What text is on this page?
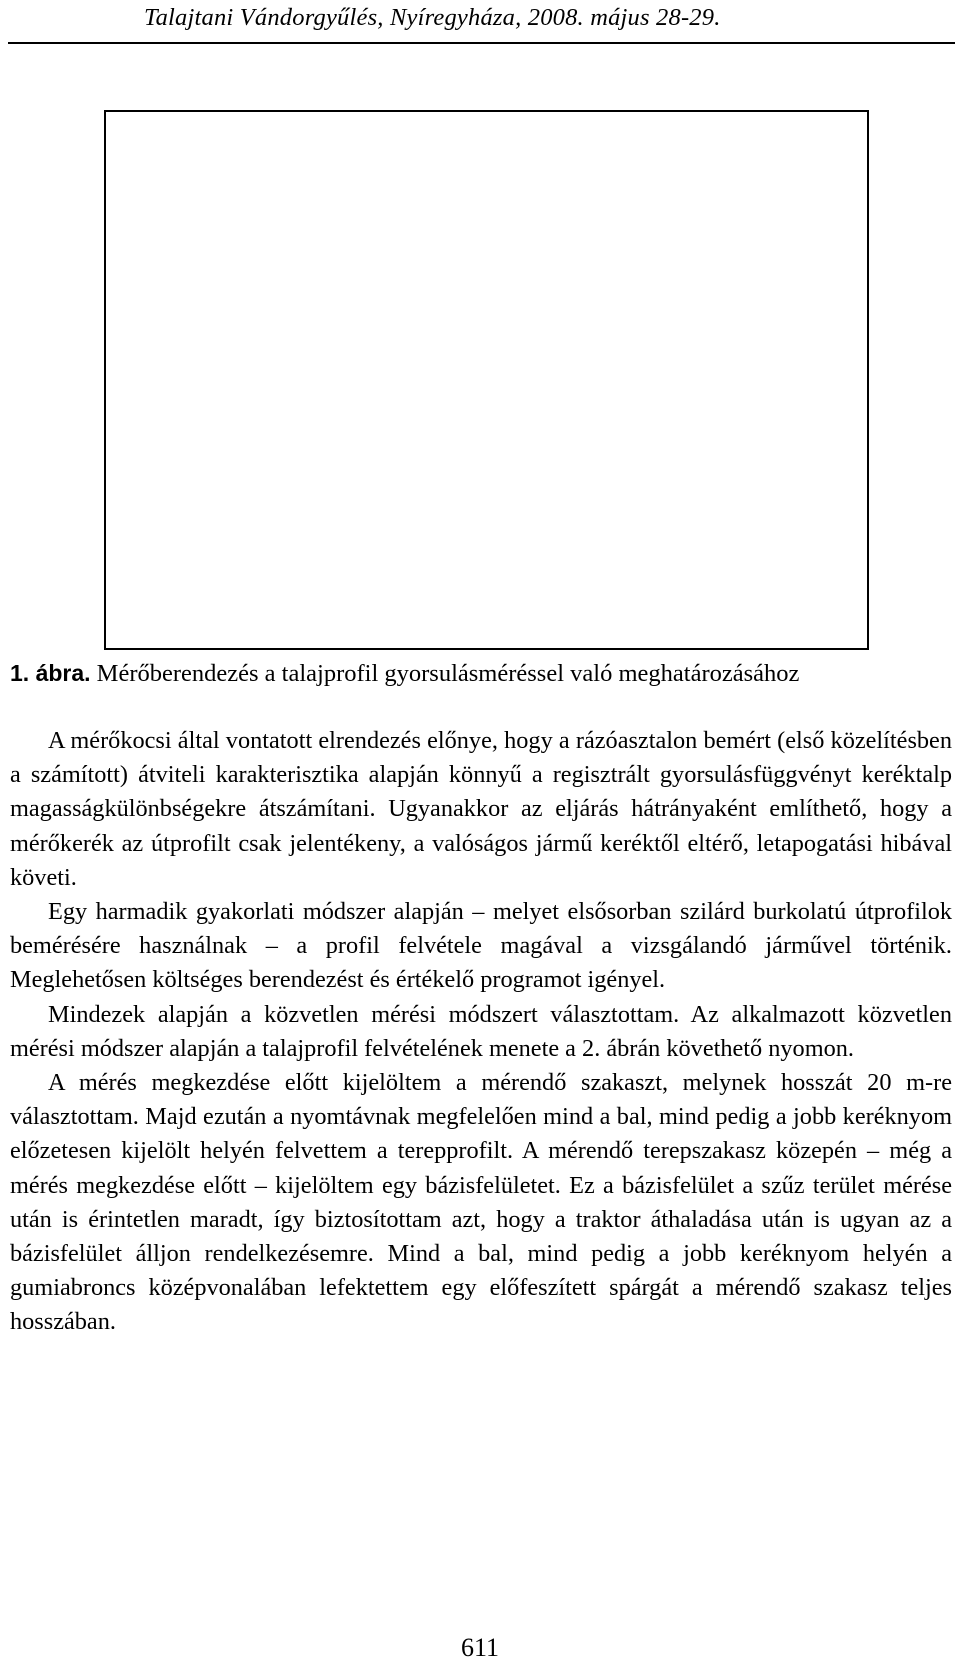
Talajtani Vándorgyűlés, Nyíregyháza, 2008. május 28-29.
1. ábra. Mérőberendezés a talajprofil gyorsulásméréssel való meghatározásához

A mérőkocsi által vontatott elrendezés előnye, hogy a rázóasztalon bemért (első közelítésben a számított) átviteli karakterisztika alapján könnyű a regisztrált gyorsulásfüggvényt keréktalp magasságkülönbségekre átszámítani. Ugyanakkor az eljárás hátrányaként említhető, hogy a mérőkerék az útprofilt csak jelentékeny, a valóságos jármű keréktől eltérő, letapogatási hibával követi.

Egy harmadik gyakorlati módszer alapján – melyet elsősorban szilárd burkolatú útprofilok bemérésére használnak – a profil felvétele magával a vizsgálandó járművel történik. Meglehetősen költséges berendezést és értékelő programot igényel.

Mindezek alapján a közvetlen mérési módszert választottam. Az alkalmazott közvetlen mérési módszer alapján a talajprofil felvételének menete a 2. ábrán követhető nyomon.

A mérés megkezdése előtt kijelöltem a mérendő szakaszt, melynek hosszát 20 m-re választottam. Majd ezután a nyomtávnak megfelelően mind a bal, mind pedig a jobb keréknyom előzetesen kijelölt helyén felvettem a terepprofilt. A mérendő terepszakasz közepén – még a mérés megkezdése előtt – kijelöltem egy bázisfelületet. Ez a bázisfelület a szűz terület mérése után is érintetlen maradt, így biztosítottam azt, hogy a traktor áthaladása után is ugyan az a bázisfelület álljon rendelkezésemre. Mind a bal, mind pedig a jobb keréknyom helyén a gumiabroncs középvonalában lefektettem egy előfeszített spárgát a mérendő szakasz teljes hosszában.

611
